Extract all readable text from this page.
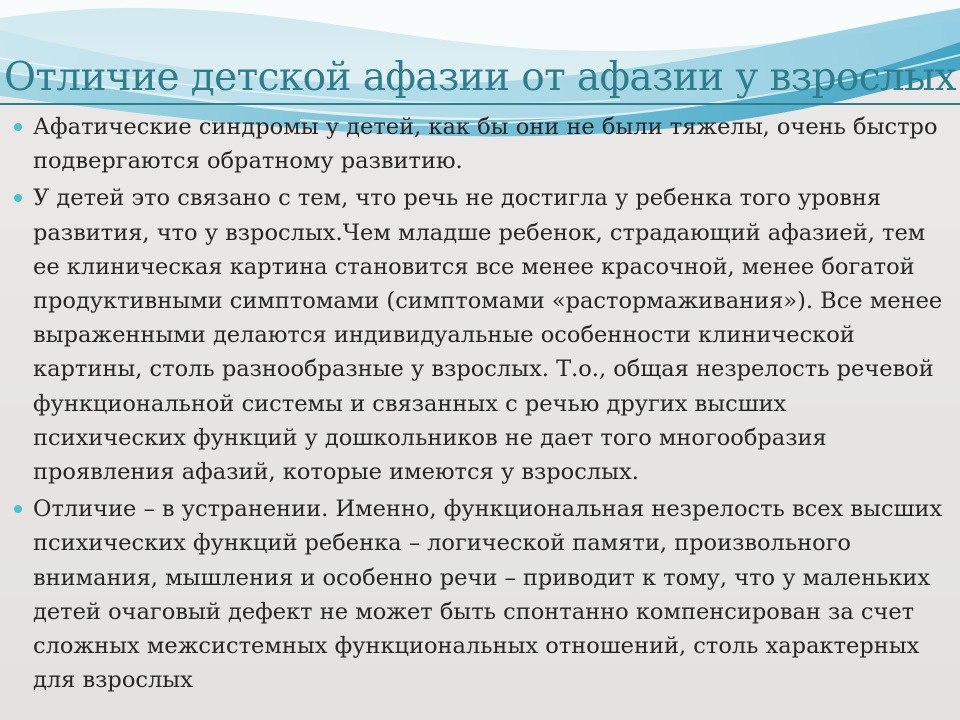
Отличие детской афазии от афазии у взрослых
Афатические синдромы у детей, как бы они не были тяжелы, очень быстро подвергаются обратному развитию.
У детей это связано с тем, что речь не достигла у ребенка того уровня развития, что у взрослых.Чем младше ребенок, страдающий афазией, тем ее клиническая картина становится все менее красочной, менее богатой продуктивными симптомами (симптомами «растормаживания»). Все менее выраженными делаются индивидуальные особенности клинической картины, столь разнообразные у взрослых. Т.о., общая незрелость речевой функциональной системы и связанных с речью других высших психических функций у дошкольников не дает того многообразия проявления афазий, которые имеются у взрослых.
Отличие – в устранении. Именно, функциональная незрелость всех высших психических функций ребенка – логической памяти, произвольного внимания, мышления и особенно речи – приводит к тому, что у маленьких детей очаговый дефект не может быть спонтанно компенсирован за счет сложных межсистемных функциональных отношений, столь характерных для взрослых
